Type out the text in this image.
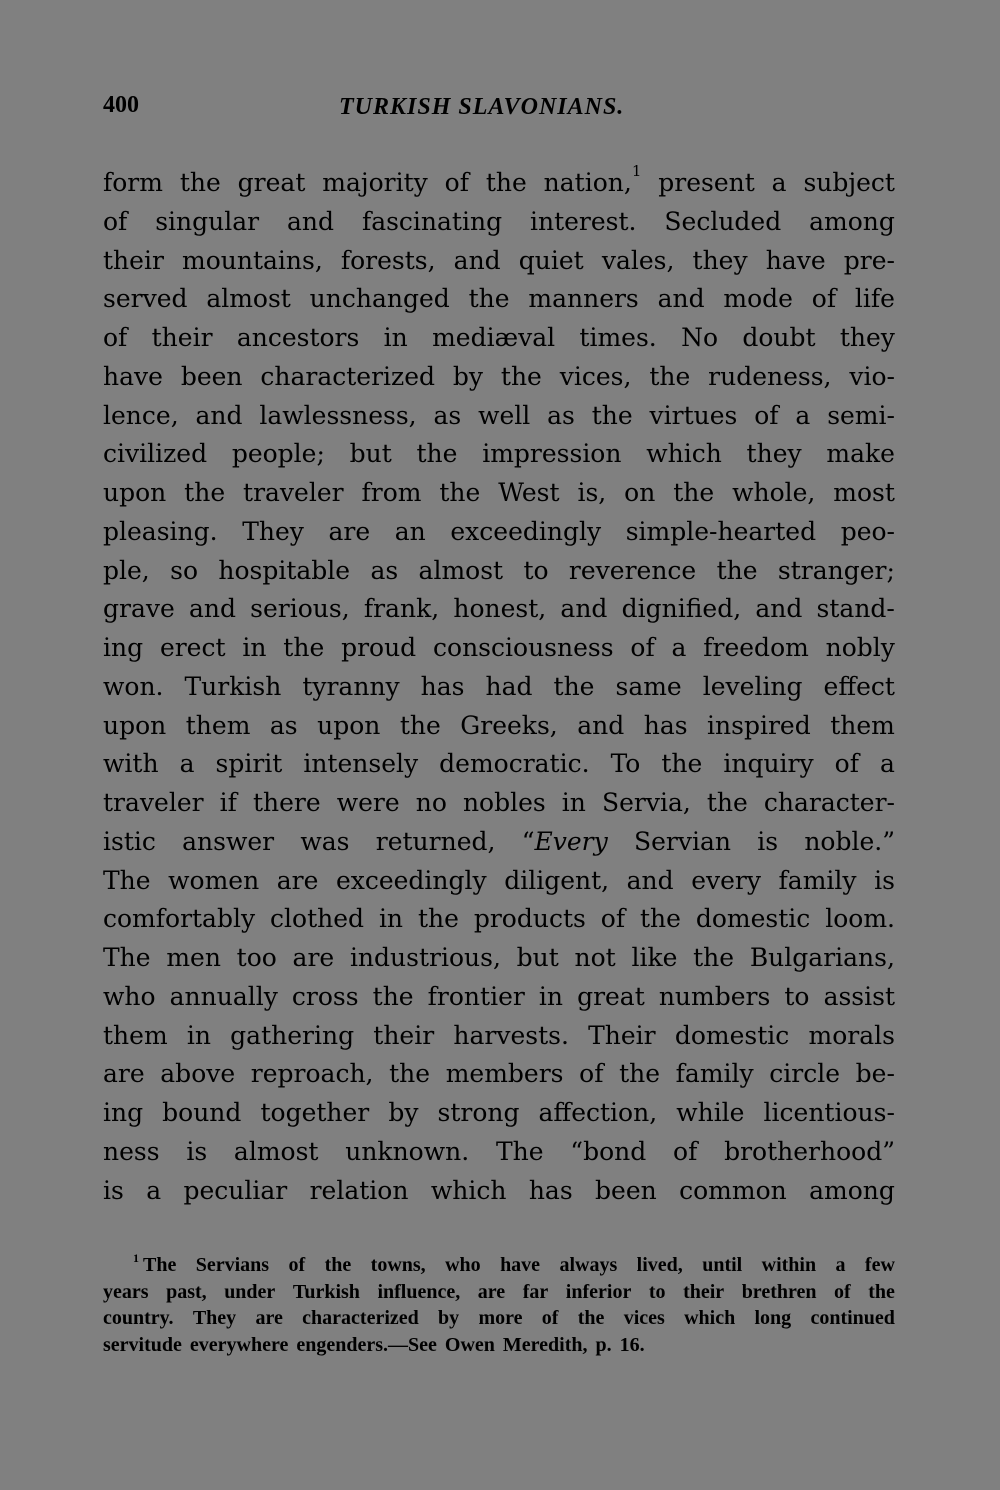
400	TURKISH SLAVONIANS.
form the great majority of the nation,$^1$ present a subject
of singular and fascinating interest. Secluded among
their mountains, forests, and quiet vales, they have pre-
served almost unchanged the manners and mode of life
of their ancestors in mediæval times. No doubt they
have been characterized by the vices, the rudeness, vio-
lence, and lawlessness, as well as the virtues of a semi-
civilized people; but the impression which they make
upon the traveler from the West is, on the whole, most
pleasing. They are an exceedingly simple-hearted peo-
ple, so hospitable as almost to reverence the stranger;
grave and serious, frank, honest, and dignified, and stand-
ing erect in the proud consciousness of a freedom nobly
won. Turkish tyranny has had the same leveling effect
upon them as upon the Greeks, and has inspired them
with a spirit intensely democratic. To the inquiry of a
traveler if there were no nobles in Servia, the character-
istic answer was returned, “Every Servian is noble.”
The women are exceedingly diligent, and every family is
comfortably clothed in the products of the domestic loom.
The men too are industrious, but not like the Bulgarians,
who annually cross the frontier in great numbers to assist
them in gathering their harvests. Their domestic morals
are above reproach, the members of the family circle be-
ing bound together by strong affection, while licentious-
ness is almost unknown. The “bond of brotherhood”
is a peculiar relation which has been common among
$^1$ The Servians of the towns, who have always lived, until within a few
years past, under Turkish influence, are far inferior to their brethren of the
country. They are characterized by more of the vices which long continued
servitude everywhere engenders.—See Owen Meredith, p. 16.
